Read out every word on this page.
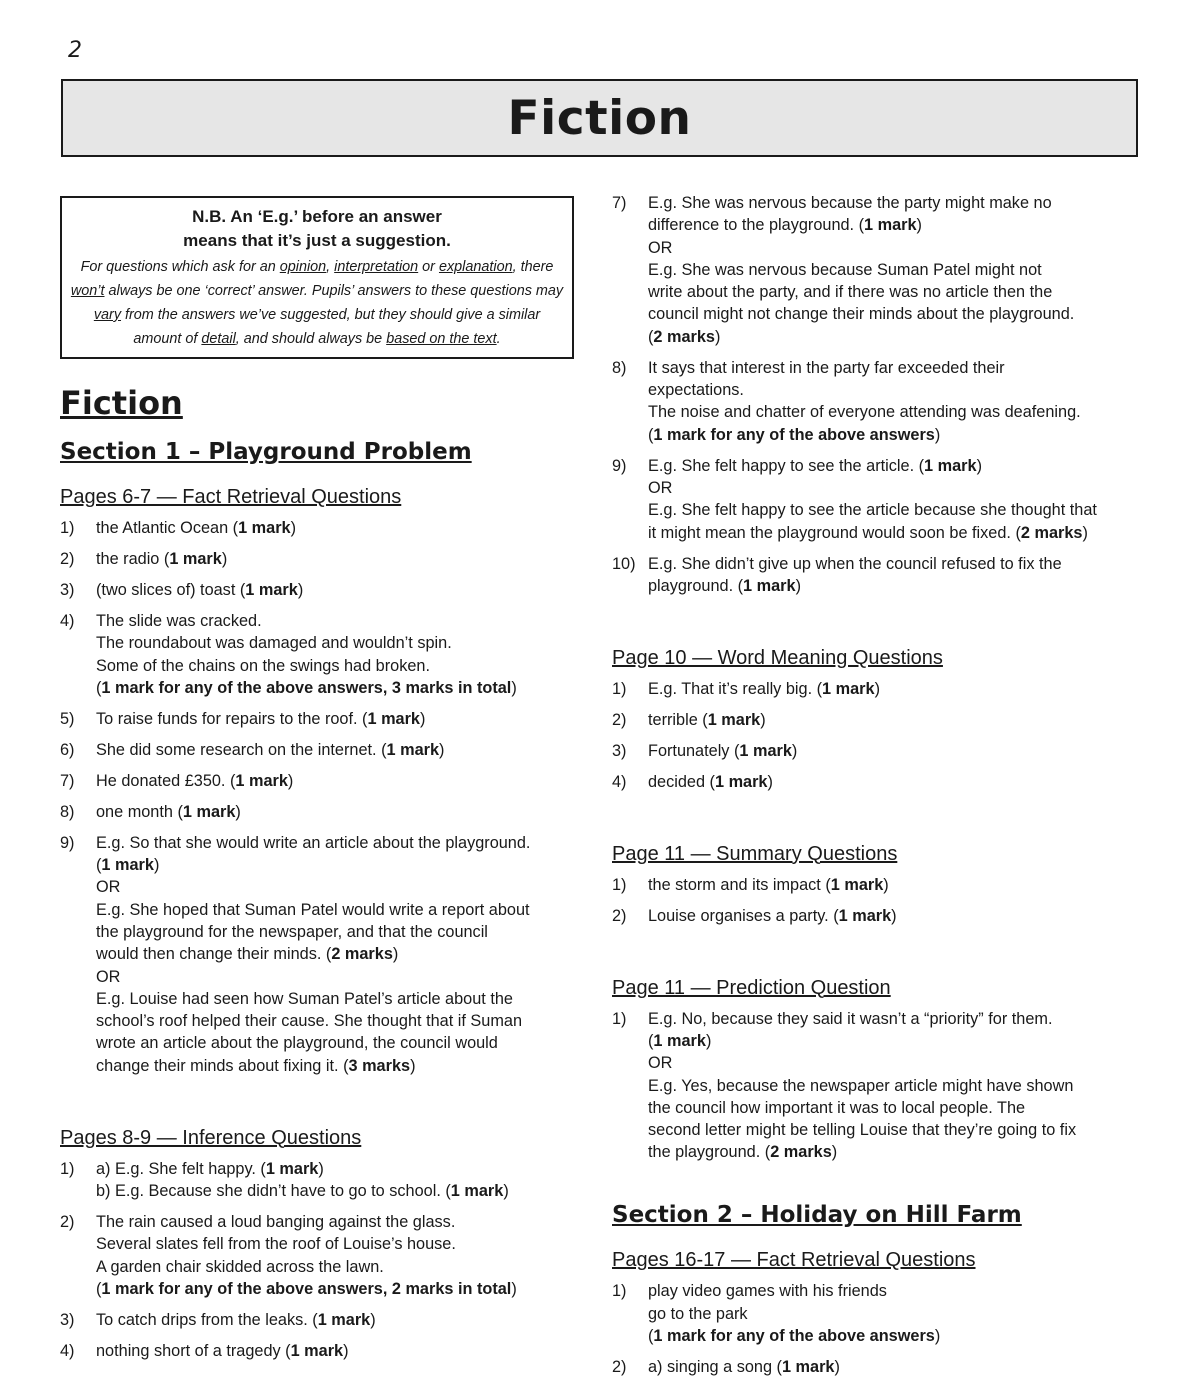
2
Fiction
N.B. An ‘E.g.’ before an answer
means that it’s just a suggestion.
For questions which ask for an opinion, interpretation or explanation, there won’t always be one ‘correct’ answer. Pupils’ answers to these questions may vary from the answers we’ve suggested, but they should give a similar amount of detail, and should always be based on the text.
Fiction
Section 1 – Playground Problem
Pages 6-7 — Fact Retrieval Questions
1)	the Atlantic Ocean (1 mark)
2)	the radio (1 mark)
3)	(two slices of) toast (1 mark)
4)	The slide was cracked.
The roundabout was damaged and wouldn’t spin.
Some of the chains on the swings had broken.
(1 mark for any of the above answers, 3 marks in total)
5)	To raise funds for repairs to the roof. (1 mark)
6)	She did some research on the internet. (1 mark)
7)	He donated £350. (1 mark)
8)	one month (1 mark)
9)	E.g. So that she would write an article about the playground.
(1 mark)
OR
E.g. She hoped that Suman Patel would write a report about
the playground for the newspaper, and that the council
would then change their minds. (2 marks)
OR
E.g. Louise had seen how Suman Patel’s article about the
school’s roof helped their cause. She thought that if Suman
wrote an article about the playground, the council would
change their minds about fixing it. (3 marks)
Pages 8-9 — Inference Questions
1)	a) E.g. She felt happy. (1 mark)
b) E.g. Because she didn’t have to go to school. (1 mark)
2)	The rain caused a loud banging against the glass.
Several slates fell from the roof of Louise’s house.
A garden chair skidded across the lawn.
(1 mark for any of the above answers, 2 marks in total)
3)	To catch drips from the leaks. (1 mark)
4)	nothing short of a tragedy (1 mark)
7)	E.g. She was nervous because the party might make no
difference to the playground. (1 mark)
OR
E.g. She was nervous because Suman Patel might not
write about the party, and if there was no article then the
council might not change their minds about the playground.
(2 marks)
8)	It says that interest in the party far exceeded their
expectations.
The noise and chatter of everyone attending was deafening.
(1 mark for any of the above answers)
9)	E.g. She felt happy to see the article. (1 mark)
OR
E.g. She felt happy to see the article because she thought that
it might mean the playground would soon be fixed. (2 marks)
10) E.g. She didn’t give up when the council refused to fix the
playground. (1 mark)
Page 10 — Word Meaning Questions
1)	E.g. That it’s really big. (1 mark)
2)	terrible (1 mark)
3)	Fortunately (1 mark)
4)	decided (1 mark)
Page 11 — Summary Questions
1)	the storm and its impact (1 mark)
2)	Louise organises a party. (1 mark)
Page 11 — Prediction Question
1)	E.g. No, because they said it wasn’t a “priority” for them.
(1 mark)
OR
E.g. Yes, because the newspaper article might have shown
the council how important it was to local people. The
second letter might be telling Louise that they’re going to fix
the playground. (2 marks)
Section 2 – Holiday on Hill Farm
Pages 16-17 — Fact Retrieval Questions
1)	play video games with his friends
go to the park
(1 mark for any of the above answers)
2)	a) singing a song (1 mark)
